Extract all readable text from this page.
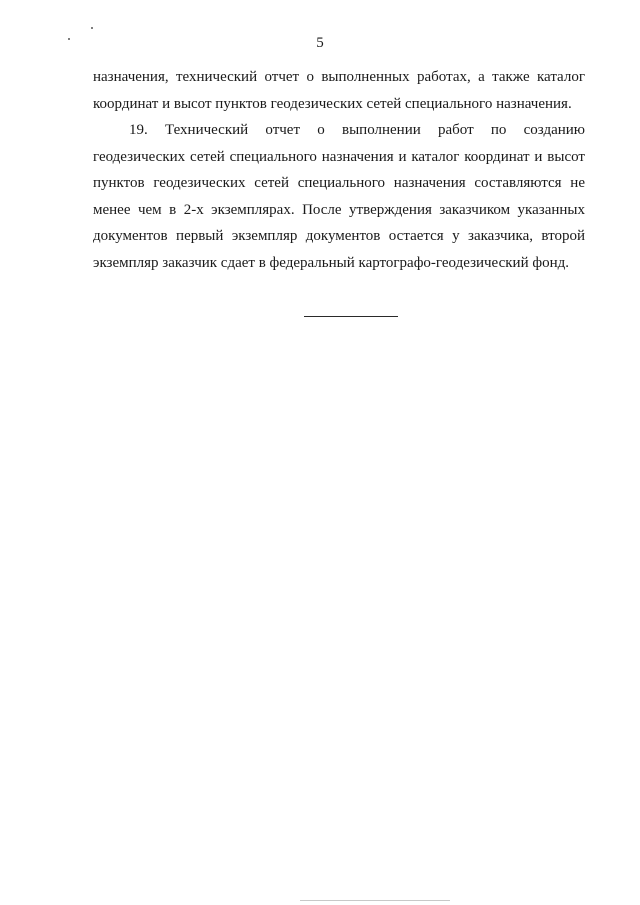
5

назначения, технический отчет о выполненных работах, а также каталог координат и высот пунктов геодезических сетей специального назначения.

19. Технический отчет о выполнении работ по созданию геодезических сетей специального назначения и каталог координат и высот пунктов геодезических сетей специального назначения составляются не менее чем в 2-х экземплярах. После утверждения заказчиком указанных документов первый экземпляр документов остается у заказчика, второй экземпляр заказчик сдает в федеральный картографо-геодезический фонд.
